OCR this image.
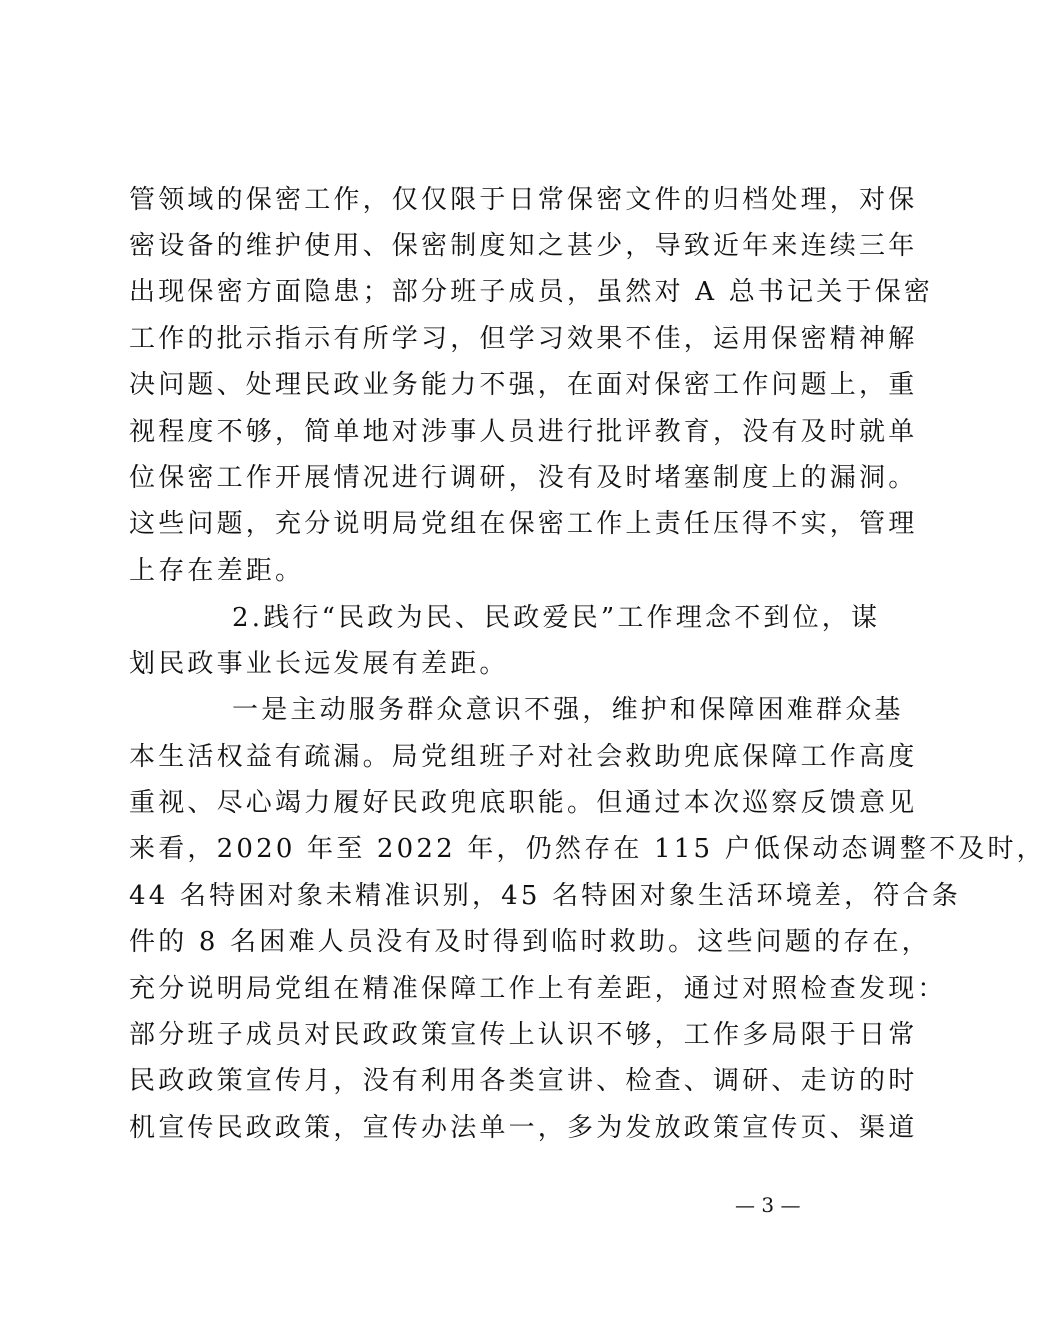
管领域的保密工作，仅仅限于日常保密文件的归档处理，对保
密设备的维护使用、保密制度知之甚少，导致近年来连续三年
出现保密方面隐患；部分班子成员，虽然对 A 总书记关于保密
工作的批示指示有所学习，但学习效果不佳，运用保密精神解
决问题、处理民政业务能力不强，在面对保密工作问题上，重
视程度不够，简单地对涉事人员进行批评教育，没有及时就单
位保密工作开展情况进行调研，没有及时堵塞制度上的漏洞。
这些问题，充分说明局党组在保密工作上责任压得不实，管理
上存在差距。
2.践行“民政为民、民政爱民”工作理念不到位，谋
划民政事业长远发展有差距。
一是主动服务群众意识不强，维护和保障困难群众基
本生活权益有疏漏。局党组班子对社会救助兜底保障工作高度
重视、尽心竭力履好民政兜底职能。但通过本次巡察反馈意见
来看，2020 年至 2022 年，仍然存在 115 户低保动态调整不及时，
44 名特困对象未精准识别，45 名特困对象生活环境差，符合条
件的 8 名困难人员没有及时得到临时救助。这些问题的存在，
充分说明局党组在精准保障工作上有差距，通过对照检查发现：
部分班子成员对民政政策宣传上认识不够，工作多局限于日常
民政政策宣传月，没有利用各类宣讲、检查、调研、走访的时
机宣传民政政策，宣传办法单一，多为发放政策宣传页、渠道
— 3 —
